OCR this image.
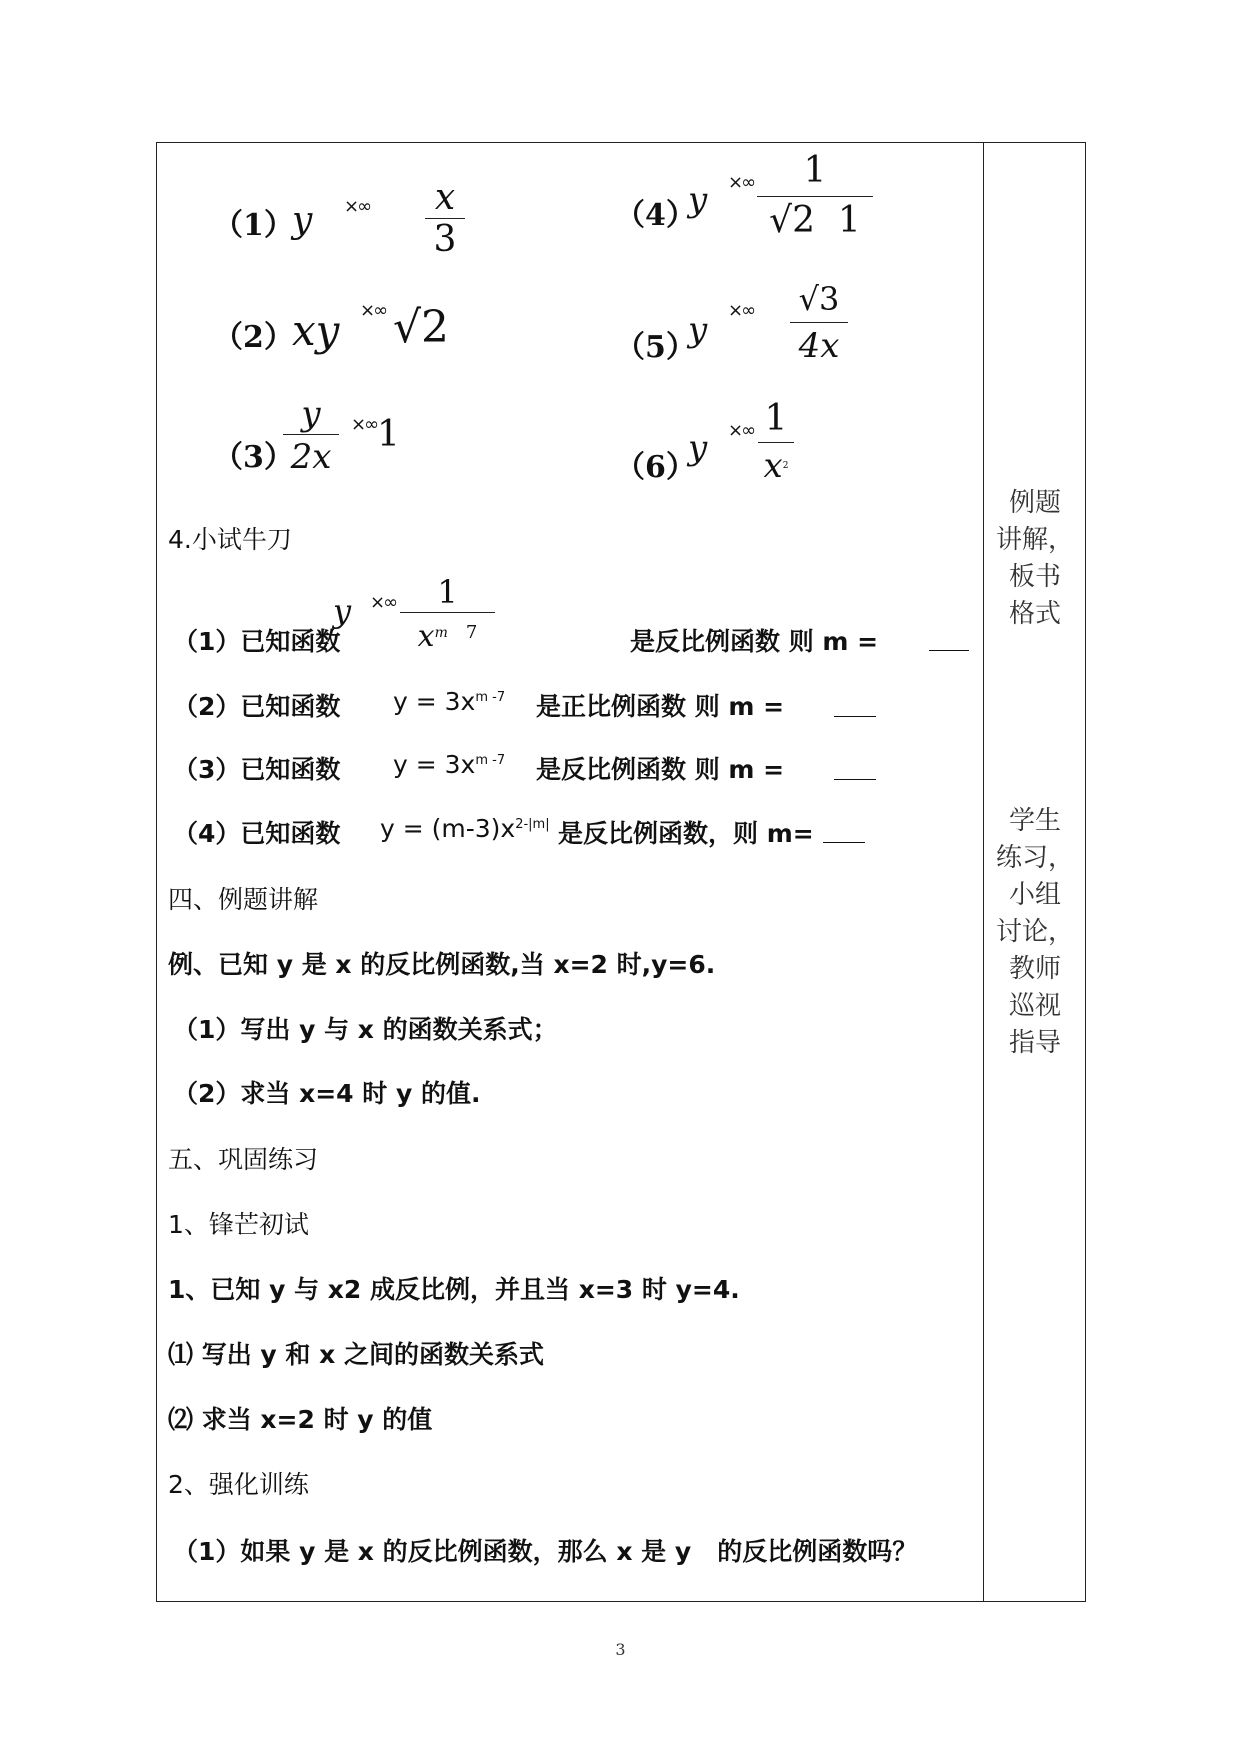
（1）
y ×∞ x
3
（2）
xy ×∞ √2
（3）
y
2x
×∞ 1
（4）
y ×∞ 1
√2  1
（5）
y ×∞ √3
4x
（6）
y ×∞ 1
$x^2$
4.小试牛刀
（1）已知函数
y ×∞ 1
$x^m$ 7	是反比例函数 则 m =
（2）已知函数 $y = 3x^{m -7}$ 是正比例函数 则 m =
（3）已知函数 $y = 3x^{m -7}$ 是反比例函数 则 m =
（4）已知函数 $y = (m-3)x^{2-|m|}$ 是反比例函数，则 m=
四、例题讲解
例、已知 y 是 x 的反比例函数,当 x=2 时,y=6.
（1）写出 y 与 x 的函数关系式；
（2）求当 x=4 时 y 的值.
五、巩固练习
1、锋芒初试
1、已知 y 与 x2 成反比例，并且当 x=3 时 y=4.
⑴ 写出 y 和 x 之间的函数关系式
⑵ 求当 x=2 时 y 的值
2、强化训练
（1）如果 y 是 x 的反比例函数，那么 x 是 y   的反比例函数吗？
例题
讲解，
板书
格式
学生
练习，
小组
讨论，
教师
巡视
指导
3
